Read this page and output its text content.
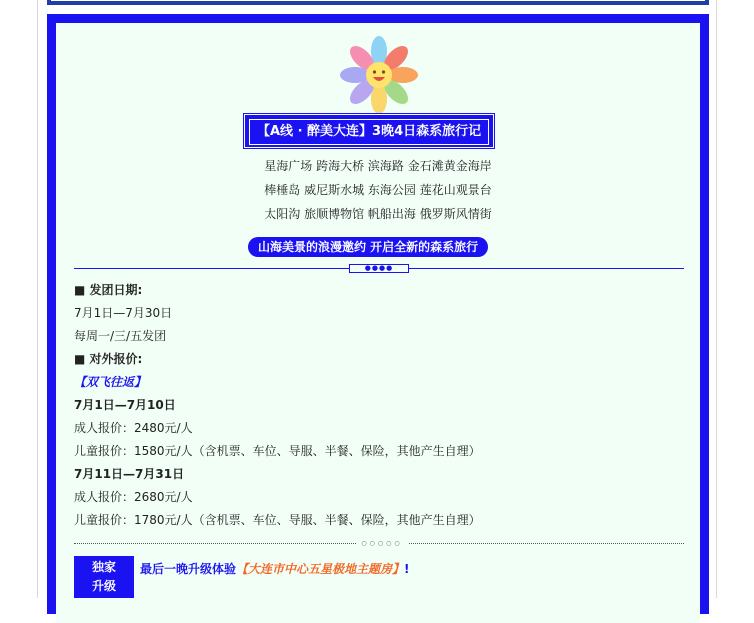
【A线 · 醉美大连】3晚4日森系旅行记
星海广场 跨海大桥 滨海路 金石滩黄金海岸
棒棰岛 威尼斯水城 东海公园 莲花山观景台
太阳沟 旅顺博物馆 帆船出海 俄罗斯风情街
山海美景的浪漫邀约 开启全新的森系旅行
●●●●
■ 发团日期:
7月1日—7月30日
每周一/三/五发团
■ 对外报价:
【双飞往返】
7月1日—7月10日
成人报价：2480元/人
儿童报价：1580元/人（含机票、车位、导服、半餐、保险，其他产生自理）
7月11日—7月31日
成人报价：2680元/人
儿童报价：1780元/人（含机票、车位、导服、半餐、保险，其他产生自理）
○○○○○
独家
升级
最后一晚升级体验【大连市中心五星极地主题房】!
